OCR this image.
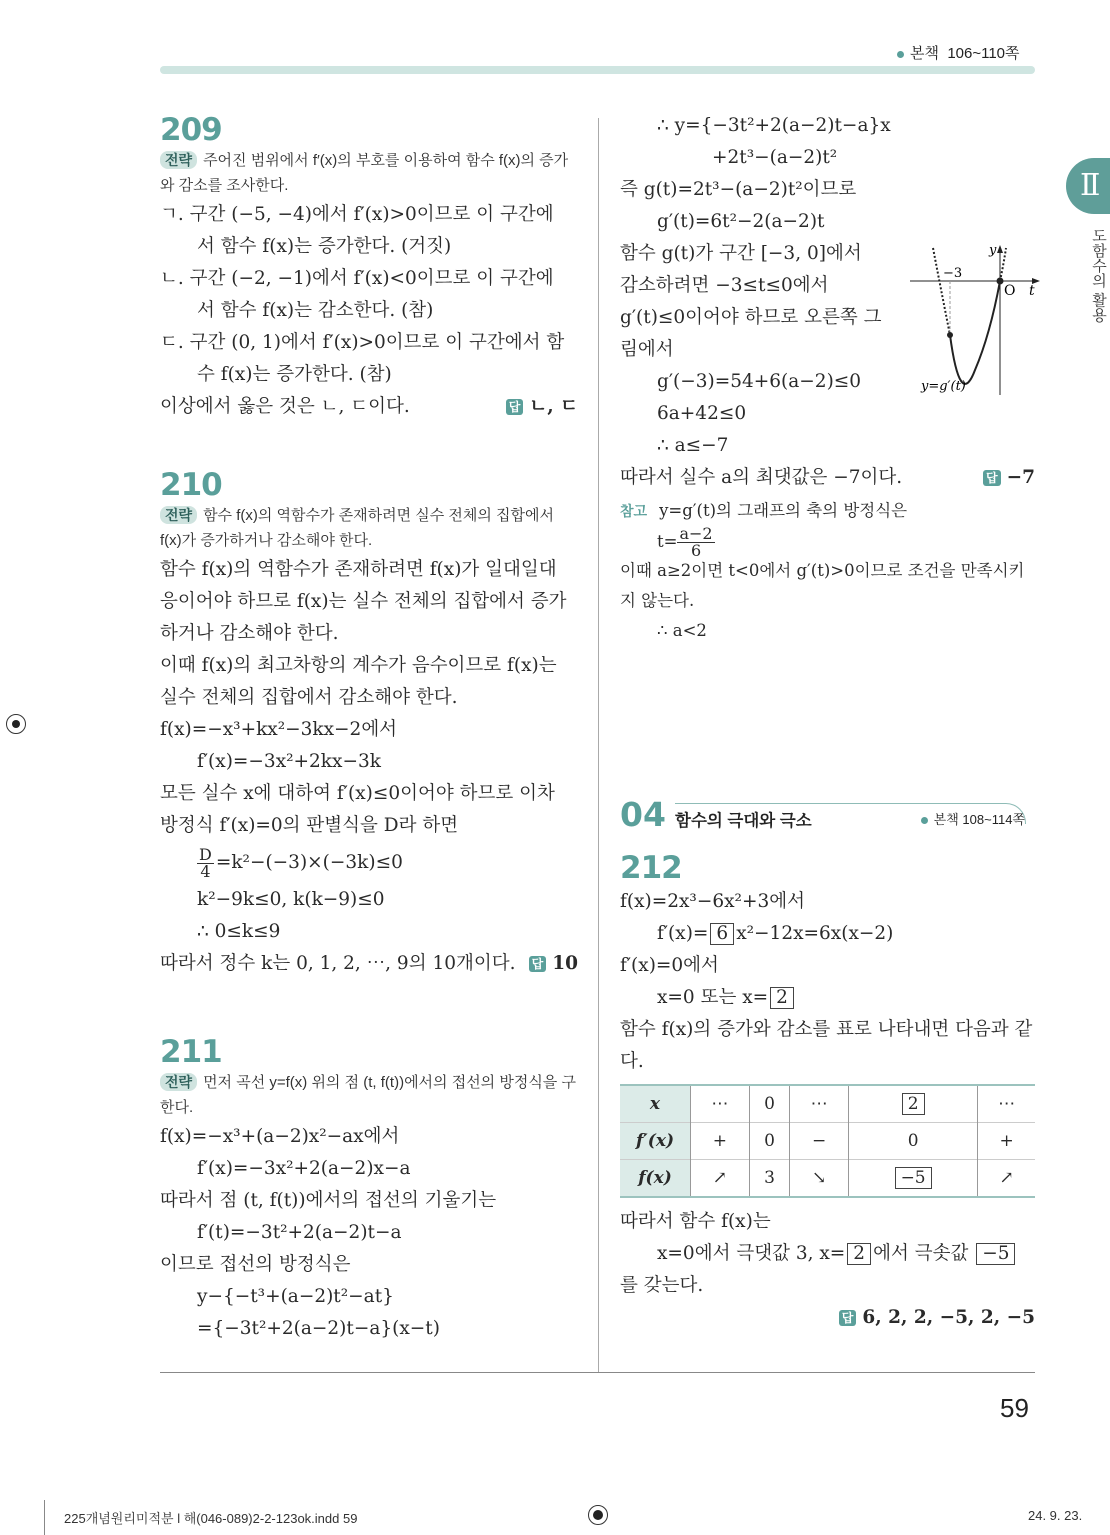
본책 106~110쪽
Ⅱ
도함수의 활용
209
전략 주어진 범위에서 f′(x)의 부호를 이용하여 함수 f(x)의 증가와 감소를 조사한다.
ㄱ. 구간 (−5, −4)에서 f′(x)>0이므로 이 구간에
서 함수 f(x)는 증가한다. (거짓)
ㄴ. 구간 (−2, −1)에서 f′(x)<0이므로 이 구간에
서 함수 f(x)는 감소한다. (참)
ㄷ. 구간 (0, 1)에서 f′(x)>0이므로 이 구간에서 함
수 f(x)는 증가한다. (참)
이상에서 옳은 것은 ㄴ, ㄷ이다.	답 ㄴ, ㄷ
210
전략 함수 f(x)의 역함수가 존재하려면 실수 전체의 집합에서 f(x)가 증가하거나 감소해야 한다.
함수 f(x)의 역함수가 존재하려면 f(x)가 일대일대
응이어야 하므로 f(x)는 실수 전체의 집합에서 증가
하거나 감소해야 한다.
이때 f(x)의 최고차항의 계수가 음수이므로 f(x)는
실수 전체의 집합에서 감소해야 한다.
f(x)=−x³+kx²−3kx−2에서
f′(x)=−3x²+2kx−3k
모든 실수 x에 대하여 f′(x)≤0이어야 하므로 이차
방정식 f′(x)=0의 판별식을 D라 하면
$\frac{D}{4} =k^2-(-3)\times(-3k)\le 0$
k²−9k≤0, k(k−9)≤0
∴ 0≤k≤9
따라서 정수 k는 0, 1, 2, ⋯, 9의 10개이다. 답 10
211
전략 먼저 곡선 y=f(x) 위의 점 (t, f(t))에서의 접선의 방정식을 구한다.
f(x)=−x³+(a−2)x²−ax에서
f′(x)=−3x²+2(a−2)x−a
따라서 점 (t, f(t))에서의 접선의 기울기는
f′(t)=−3t²+2(a−2)t−a
이므로 접선의 방정식은
y−{−t³+(a−2)t²−at}
={−3t²+2(a−2)t−a}(x−t)
∴ y={−3t²+2(a−2)t−a}x
+2t³−(a−2)t²
즉 g(t)=2t³−(a−2)t²이므로
g′(t)=6t²−2(a−2)t
함수 g(t)가 구간 [−3, 0]에서
감소하려면 −3≤t≤0에서
g′(t)≤0이어야 하므로 오른쪽 그
림에서
g′(−3)=54+6(a−2)≤0
6a+42≤0
∴ a≤−7
따라서 실수 a의 최댓값은 −7이다.	답 −7
참고 y=g′(t)의 그래프의 축의 방정식은
$t= \frac{a-2}{6}$
이때 a≥2이면 t<0에서 g′(t)>0이므로 조건을 만족시키
지 않는다.
∴ a<2
y
O t
−3
y=g′(t)
04 함수의 극대와 극소	본책 108~114쪽
212
f(x)=2x³−6x²+3에서
f′(x)= 6 x²−12x=6x(x−2)
f′(x)=0에서
x=0 또는 x= 2
함수 f(x)의 증가와 감소를 표로 나타내면 다음과 같
다.
x	⋯	0	⋯	2	⋯
f′(x)	+	0	−	0	+
f(x)	↗	3	↘	−5	↗
따라서 함수 f(x)는
x=0에서 극댓값 3, x= 2 에서 극솟값 −5
를 갖는다.
답 6, 2, 2, −5, 2, −5
59
225개념원리미적분 l 해(046-089)2-2-123ok.indd 59	24. 9. 23.
